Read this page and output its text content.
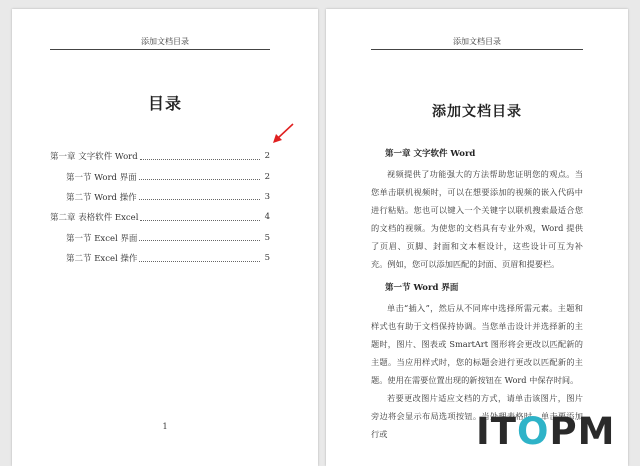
添加文档目录
目录
第一章 文字软件 Word	2
第一节 Word 界面	2
第二节 Word 操作	3
第二章 表格软件 Excel	4
第一节 Excel 界面	5
第二节 Excel 操作	5
1
添加文档目录
添加文档目录
第一章 文字软件 Word

视频提供了功能强大的方法帮助您证明您的观点。当您单击联机视频时，可以在想要添加的视频的嵌入代码中进行粘贴。您也可以键入一个关键字以联机搜索最适合您的文档的视频。为使您的文档具有专业外观，Word 提供了页眉、页脚、封面和文本框设计，这些设计可互为补充。例如，您可以添加匹配的封面、页眉和提要栏。

第一节 Word 界面

单击“插入”，然后从不同库中选择所需元素。主题和样式也有助于文档保持协调。当您单击设计并选择新的主题时，图片、图表或 SmartArt 图形将会更改以匹配新的主题。当应用样式时，您的标题会进行更改以匹配新的主题。使用在需要位置出现的新按钮在 Word 中保存时间。

若要更改图片适应文档的方式，请单击该图片，图片旁边将会显示布局选项按钮。当处理表格时，单击要添加行或	ITOPM
